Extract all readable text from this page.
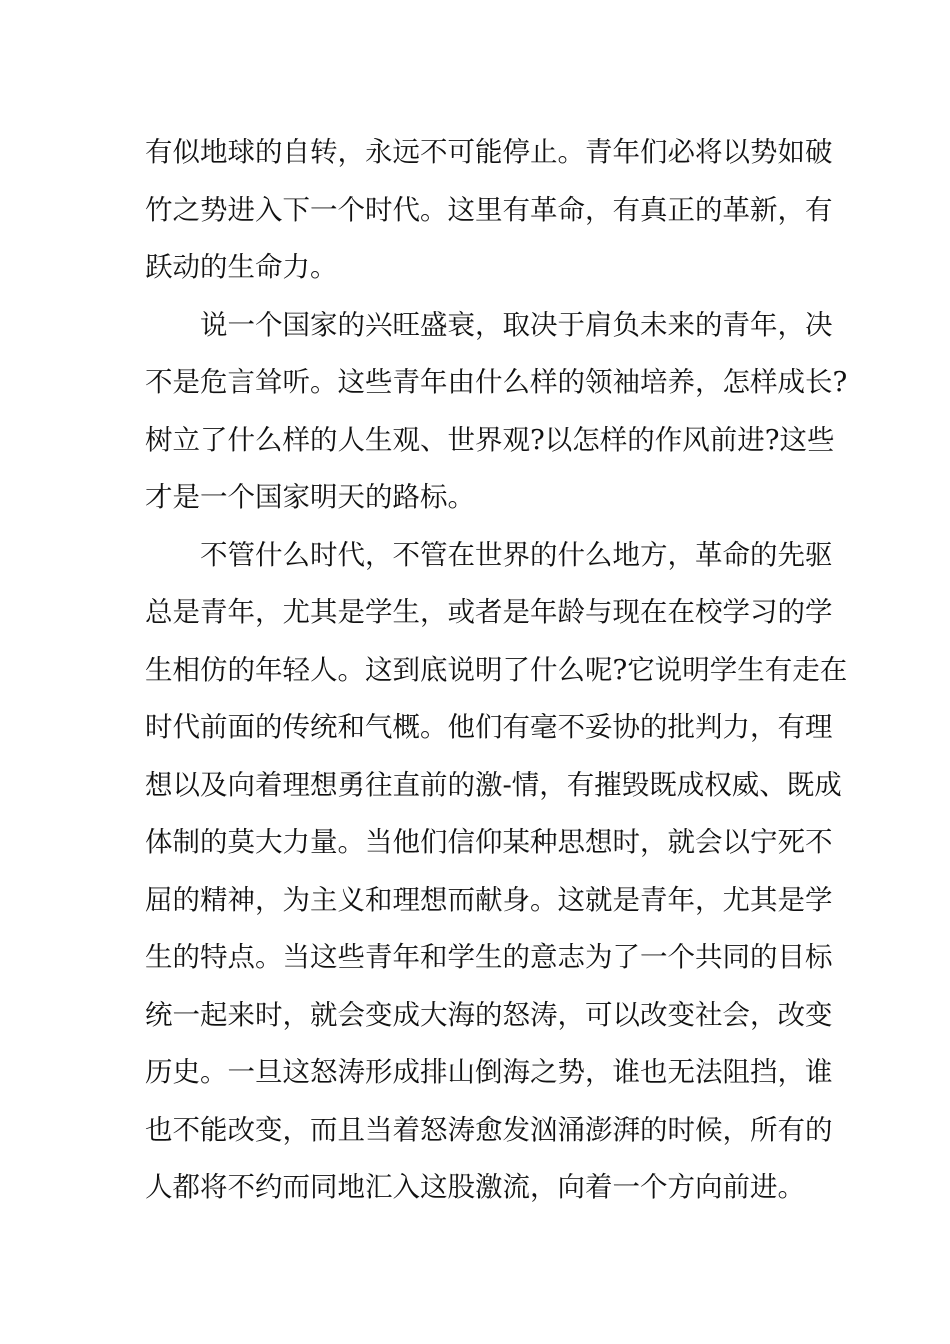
有似地球的自转，永远不可能停止。青年们必将以势如破
竹之势进入下一个时代。这里有革命，有真正的革新，有
跃动的生命力。
说一个国家的兴旺盛衰，取决于肩负未来的青年，决
不是危言耸听。这些青年由什么样的领袖培养，怎样成长?
树立了什么样的人生观、世界观?以怎样的作风前进?这些
才是一个国家明天的路标。
不管什么时代，不管在世界的什么地方，革命的先驱
总是青年，尤其是学生，或者是年龄与现在在校学习的学
生相仿的年轻人。这到底说明了什么呢?它说明学生有走在
时代前面的传统和气概。他们有毫不妥协的批判力，有理
想以及向着理想勇往直前的激-情，有摧毁既成权威、既成
体制的莫大力量。当他们信仰某种思想时，就会以宁死不
屈的精神，为主义和理想而献身。这就是青年，尤其是学
生的特点。当这些青年和学生的意志为了一个共同的目标
统一起来时，就会变成大海的怒涛，可以改变社会，改变
历史。一旦这怒涛形成排山倒海之势，谁也无法阻挡，谁
也不能改变，而且当着怒涛愈发汹涌澎湃的时候，所有的
人都将不约而同地汇入这股激流，向着一个方向前进。
